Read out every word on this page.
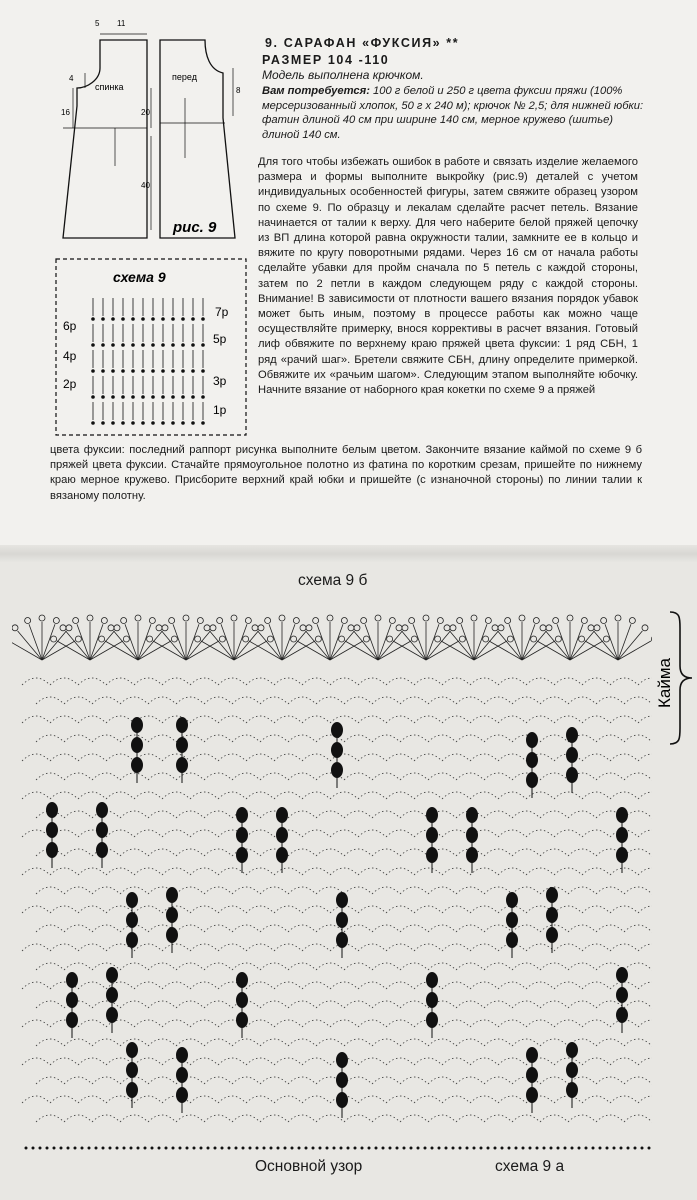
5 11
4
16
8
20
40
спинка
перед
рис. 9
схема 9
6р
4р
2р
7р
5р
3р
1р
9. САРАФАН «ФУКСИЯ» **
РАЗМЕР 104 -110
Модель выполнена крючком.
Вам потребуется: 100 г белой и 250 г цвета фуксии пряжи (100% мерсеризованный хлопок, 50 г х 240 м); крючок № 2,5; для нижней юбки: фатин длиной 40 см при ширине 140 см, мерное кружево (шитье) длиной 140 см.
Для того чтобы избежать ошибок в работе и связать изделие желаемого размера и формы выполните выкройку (рис.9) деталей с учетом индивидуальных особенностей фигуры, затем свяжите образец узором по схеме 9. По образцу и лекалам сделайте расчет петель. Вязание начинается от талии к верху. Для чего наберите белой пряжей цепочку из ВП длина которой равна окружности талии, замкните ее в кольцо и вяжите по кругу поворотными рядами. Через 16 см от начала работы сделайте убавки для пройм сначала по 5 петель с каждой стороны, затем по 2 петли в каждом следующем ряду с каждой стороны. Внимание! В зависимости от плотности вашего вязания порядок убавок может быть иным, поэтому в процессе работы как можно чаще осуществляйте примерку, внося коррективы в расчет вязания. Готовый лиф обвяжите по верхнему краю пряжей цвета фуксии: 1 ряд СБН, 1 ряд «рачий шаг». Бретели свяжите СБН, длину определите примеркой. Обвяжите их «рачьим шагом». Следующим этапом выполняйте юбочку. Начните вязание от наборного края кокетки по схеме 9 а пряжей
цвета фуксии: последний раппорт рисунка выполните белым цветом. Закончите вязание каймой по схеме 9 б пряжей цвета фуксии. Стачайте прямоугольное полотно из фатина по коротким срезам, пришейте по нижнему краю мерное кружево. Присборите верхний край юбки и пришейте (с изнаночной стороны) по линии талии к вязаному полотну.
схема 9 б
Кайма
Основной узор	схема 9 а
